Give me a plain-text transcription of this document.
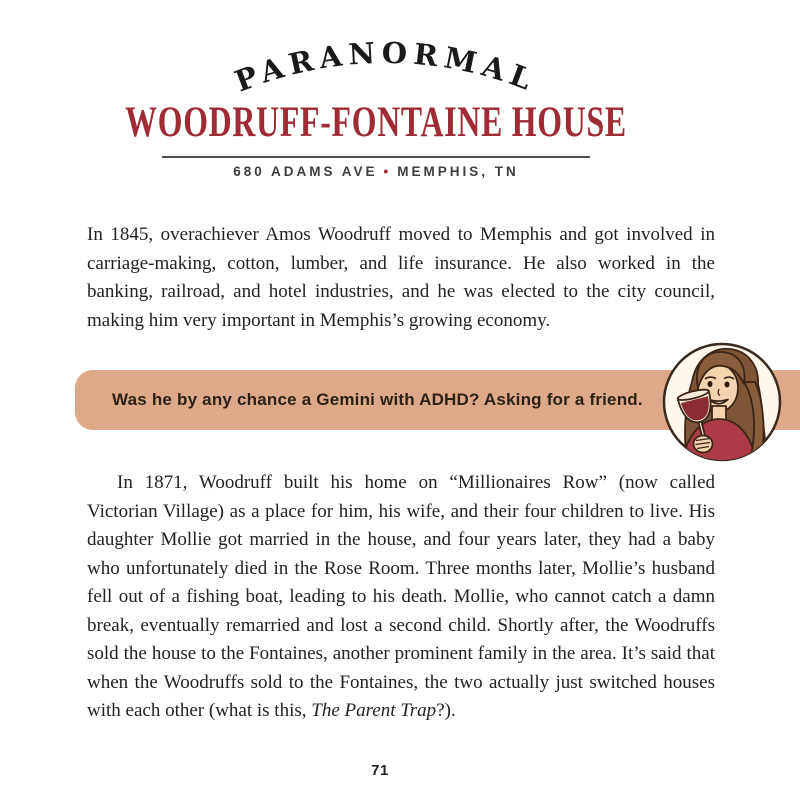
PARANORMAL
WOODRUFF-FONTAINE HOUSE
680 ADAMS AVE • MEMPHIS, TN

In 1845, overachiever Amos Woodruff moved to Memphis and got involved in carriage-making, cotton, lumber, and life insurance. He also worked in the banking, railroad, and hotel industries, and he was elected to the city council, making him very important in Memphis’s growing economy.

Was he by any chance a Gemini with ADHD? Asking for a friend.

In 1871, Woodruff built his home on “Millionaires Row” (now called Victorian Village) as a place for him, his wife, and their four children to live. His daughter Mollie got married in the house, and four years later, they had a baby who unfortunately died in the Rose Room. Three months later, Mollie’s husband fell out of a fishing boat, leading to his death. Mollie, who cannot catch a damn break, eventually remarried and lost a second child. Shortly after, the Woodruffs sold the house to the Fontaines, another prominent family in the area. It’s said that when the Woodruffs sold to the Fontaines, the two actually just switched houses with each other (what is this, The Parent Trap?).

71
